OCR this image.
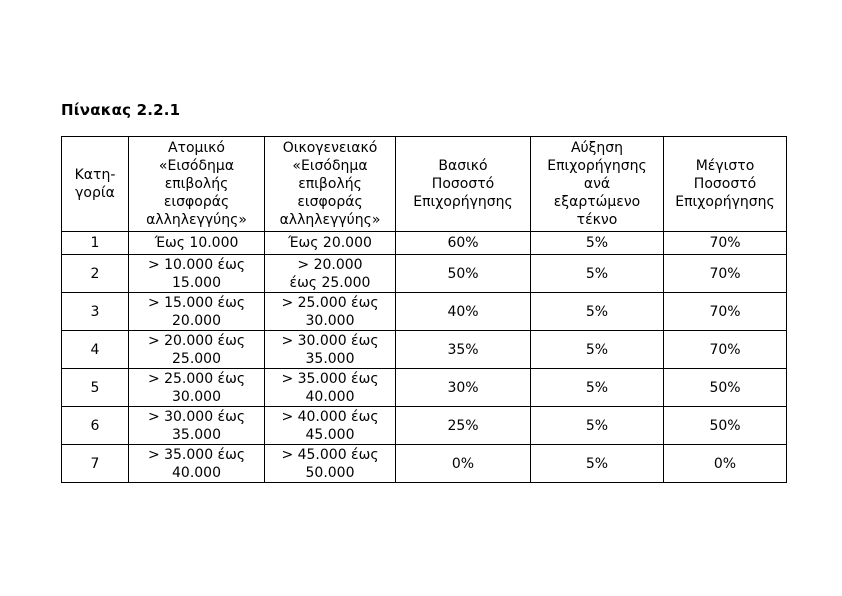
Πίνακας 2.2.1
Κατη-
γορία	Ατομικό
«Εισόδημα
επιβολής
εισφοράς
αλληλεγγύης»	Οικογενειακό
«Εισόδημα
επιβολής
εισφοράς
αλληλεγγύης»	Βασικό
Ποσοστό
Επιχορήγησης	Αύξηση
Επιχορήγησης
ανά
εξαρτώμενο
τέκνο	Μέγιστο
Ποσοστό
Επιχορήγησης

1	Έως 10.000	Έως 20.000	60%	5%	70%
2	> 10.000 έως
15.000	> 20.000
έως 25.000	50%	5%	70%
3	> 15.000 έως
20.000	> 25.000 έως
30.000	40%	5%	70%
4	> 20.000 έως
25.000	> 30.000 έως
35.000	35%	5%	70%
5	> 25.000 έως
30.000	> 35.000 έως
40.000	30%	5%	50%
6	> 30.000 έως
35.000	> 40.000 έως
45.000	25%	5%	50%
7	> 35.000 έως
40.000	> 45.000 έως
50.000	0%	5%	0%
